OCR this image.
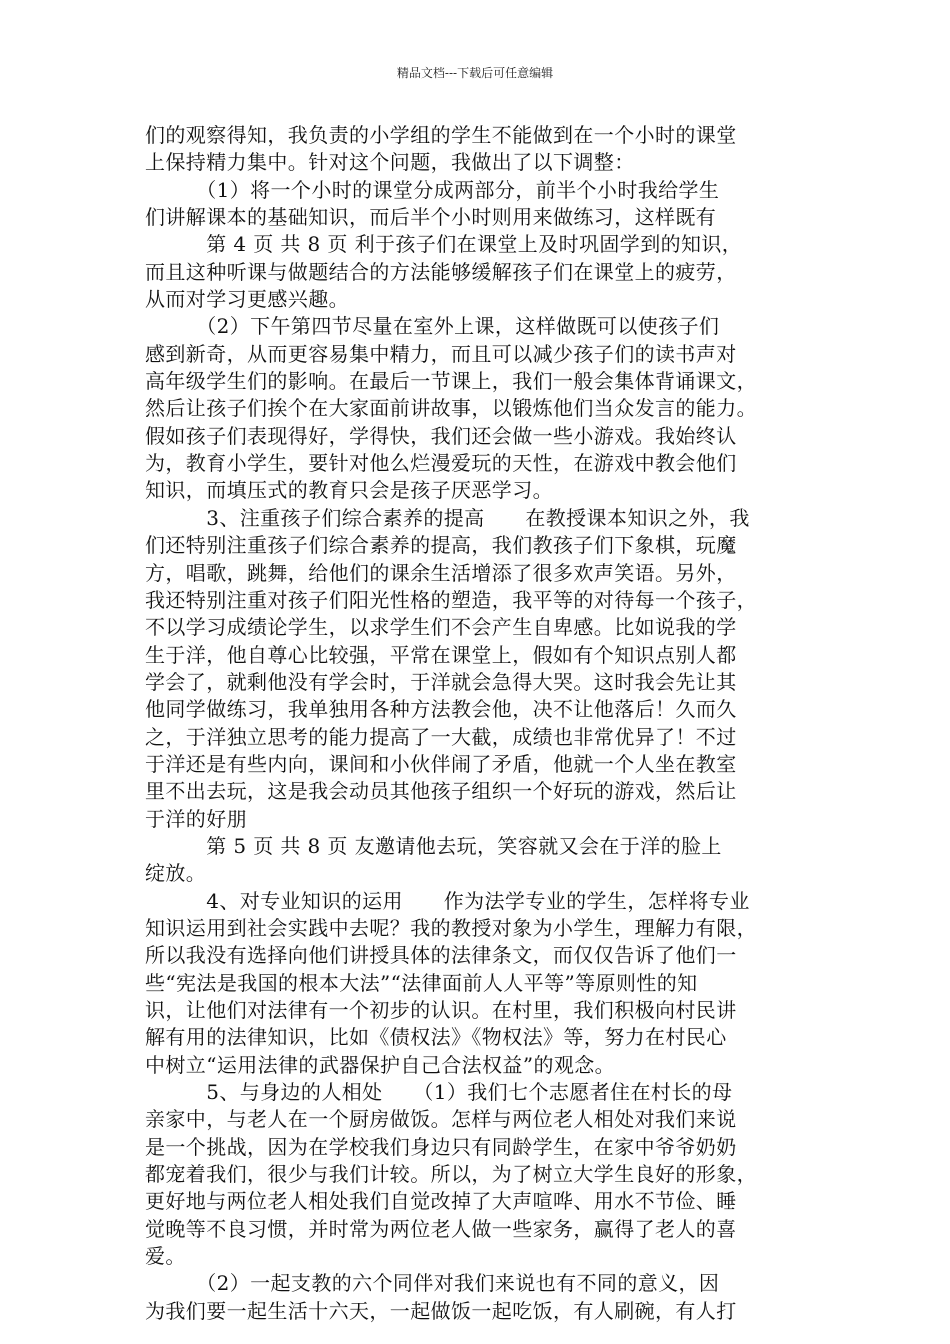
精品文档---下载后可任意编辑
们的观察得知，我负责的小学组的学生不能做到在一个小时的课堂
上保持精力集中。针对这个问题，我做出了以下调整：
　　　（1）将一个小时的课堂分成两部分，前半个小时我给学生
们讲解课本的基础知识，而后半个小时则用来做练习，这样既有
　　　第 4 页 共 8 页 利于孩子们在课堂上及时巩固学到的知识，
而且这种听课与做题结合的方法能够缓解孩子们在课堂上的疲劳，
从而对学习更感兴趣。
　　　（2）下午第四节尽量在室外上课，这样做既可以使孩子们
感到新奇，从而更容易集中精力，而且可以减少孩子们的读书声对
高年级学生们的影响。在最后一节课上，我们一般会集体背诵课文，
然后让孩子们挨个在大家面前讲故事，以锻炼他们当众发言的能力。
假如孩子们表现得好，学得快，我们还会做一些小游戏。我始终认
为，教育小学生，要针对他么烂漫爱玩的天性，在游戏中教会他们
知识，而填压式的教育只会是孩子厌恶学习。
　　　3、注重孩子们综合素养的提高　　在教授课本知识之外，我
们还特别注重孩子们综合素养的提高，我们教孩子们下象棋，玩魔
方，唱歌，跳舞，给他们的课余生活增添了很多欢声笑语。另外，
我还特别注重对孩子们阳光性格的塑造，我平等的对待每一个孩子，
不以学习成绩论学生，以求学生们不会产生自卑感。比如说我的学
生于洋，他自尊心比较强，平常在课堂上，假如有个知识点别人都
学会了，就剩他没有学会时，于洋就会急得大哭。这时我会先让其
他同学做练习，我单独用各种方法教会他，决不让他落后！久而久
之，于洋独立思考的能力提高了一大截，成绩也非常优异了！不过
于洋还是有些内向，课间和小伙伴闹了矛盾，他就一个人坐在教室
里不出去玩，这是我会动员其他孩子组织一个好玩的游戏，然后让
于洋的好朋
　　　第 5 页 共 8 页 友邀请他去玩，笑容就又会在于洋的脸上
绽放。
　　　4、对专业知识的运用　　作为法学专业的学生，怎样将专业
知识运用到社会实践中去呢？我的教授对象为小学生，理解力有限，
所以我没有选择向他们讲授具体的法律条文，而仅仅告诉了他们一
些“宪法是我国的根本大法”“法律面前人人平等”等原则性的知
识，让他们对法律有一个初步的认识。在村里，我们积极向村民讲
解有用的法律知识，比如《债权法》《物权法》等，努力在村民心
中树立“运用法律的武器保护自己合法权益”的观念。
　　　5、与身边的人相处　　（1）我们七个志愿者住在村长的母
亲家中，与老人在一个厨房做饭。怎样与两位老人相处对我们来说
是一个挑战，因为在学校我们身边只有同龄学生，在家中爷爷奶奶
都宠着我们，很少与我们计较。所以，为了树立大学生良好的形象，
更好地与两位老人相处我们自觉改掉了大声喧哗、用水不节俭、睡
觉晚等不良习惯，并时常为两位老人做一些家务，赢得了老人的喜
爱。
　　　（2）一起支教的六个同伴对我们来说也有不同的意义，因
为我们要一起生活十六天，一起做饭一起吃饭，有人刷碗，有人打
